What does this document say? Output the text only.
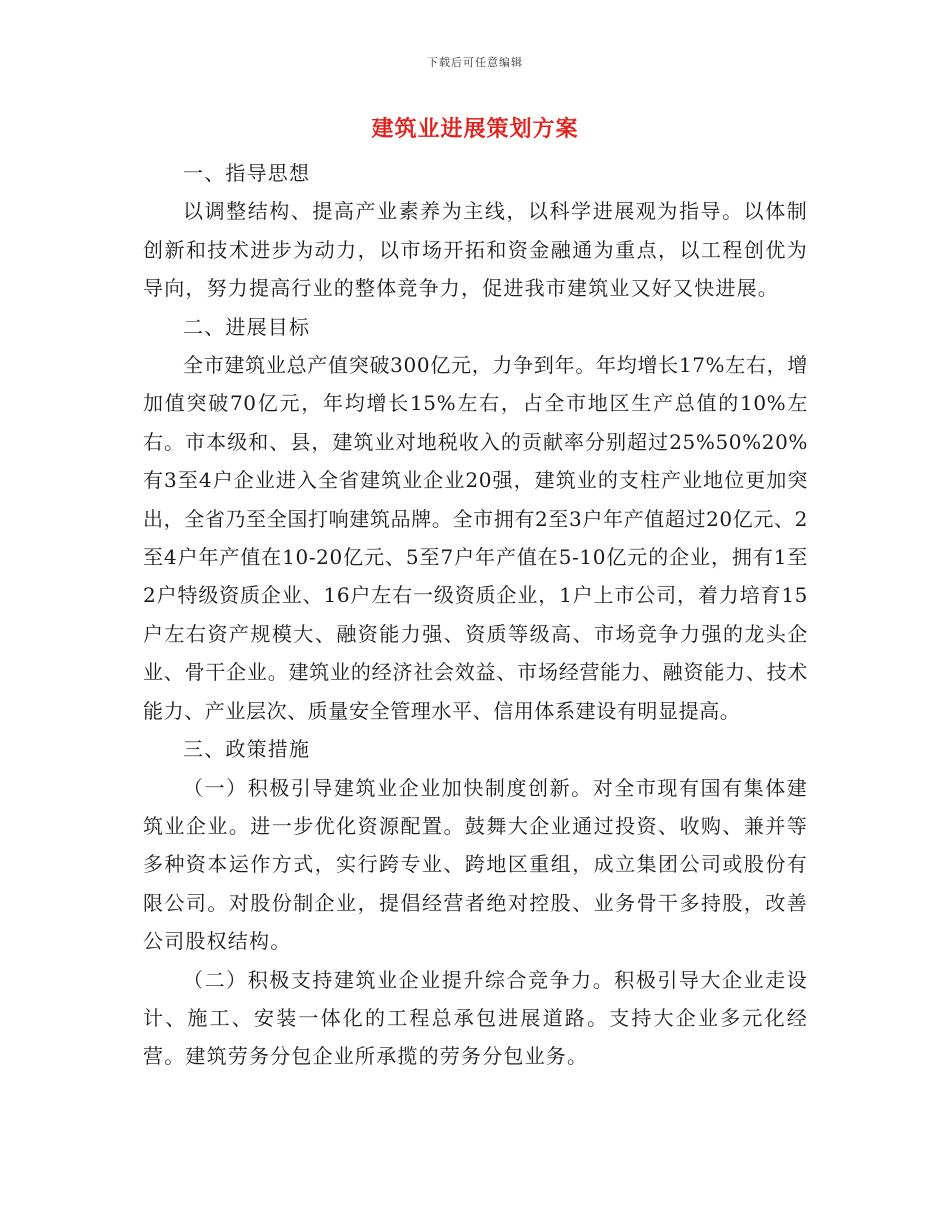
下载后可任意编辑
建筑业进展策划方案

一、指导思想

以调整结构、提高产业素养为主线，以科学进展观为指导。以体制创新和技术进步为动力，以市场开拓和资金融通为重点，以工程创优为导向，努力提高行业的整体竞争力，促进我市建筑业又好又快进展。

二、进展目标

全市建筑业总产值突破300亿元，力争到年。年均增长17%左右，增加值突破70亿元，年均增长15%左右，占全市地区生产总值的10%左右。市本级和、县，建筑业对地税收入的贡献率分别超过25%50%20%有3至4户企业进入全省建筑业企业20强，建筑业的支柱产业地位更加突出，全省乃至全国打响建筑品牌。全市拥有2至3户年产值超过20亿元、2至4户年产值在10-20亿元、5至7户年产值在5-10亿元的企业，拥有1至2户特级资质企业、16户左右一级资质企业，1户上市公司，着力培育15户左右资产规模大、融资能力强、资质等级高、市场竞争力强的龙头企业、骨干企业。建筑业的经济社会效益、市场经营能力、融资能力、技术能力、产业层次、质量安全管理水平、信用体系建设有明显提高。

三、政策措施

（一）积极引导建筑业企业加快制度创新。对全市现有国有集体建筑业企业。进一步优化资源配置。鼓舞大企业通过投资、收购、兼并等多种资本运作方式，实行跨专业、跨地区重组，成立集团公司或股份有限公司。对股份制企业，提倡经营者绝对控股、业务骨干多持股，改善公司股权结构。

（二）积极支持建筑业企业提升综合竞争力。积极引导大企业走设计、施工、安装一体化的工程总承包进展道路。支持大企业多元化经营。建筑劳务分包企业所承揽的劳务分包业务。
